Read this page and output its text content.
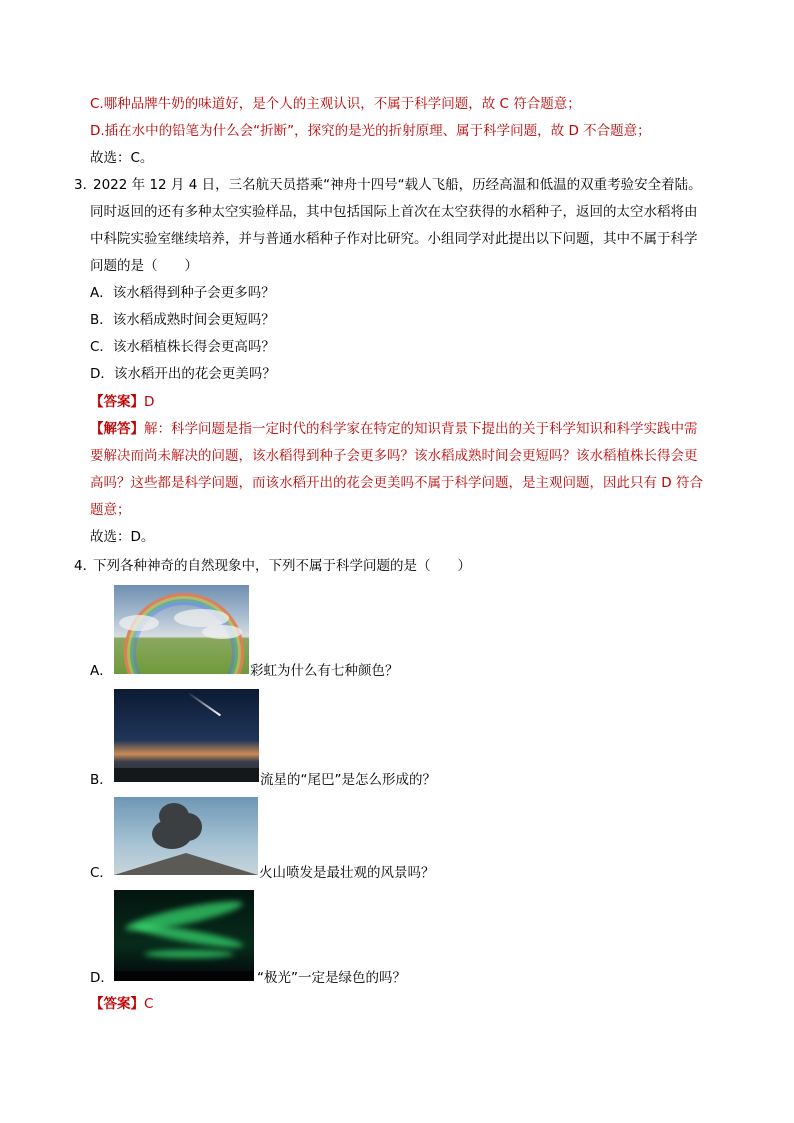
C.哪种品牌牛奶的味道好，是个人的主观认识，不属于科学问题，故 C 符合题意；
D.插在水中的铅笔为什么会“折断”，探究的是光的折射原理、属于科学问题，故 D 不合题意；
故选：C。
3．
2022 年 12 月 4 日，三名航天员搭乘“神舟十四号“载人飞船，历经高温和低温的双重考验安全着陆。
同时返回的还有多种太空实验样品，其中包括国际上首次在太空获得的水稻种子，返回的太空水稻将由
中科院实验室继续培养，并与普通水稻种子作对比研究。小组同学对此提出以下问题，其中不属于科学
问题的是（　　）
A．该水稻得到种子会更多吗？
B．该水稻成熟时间会更短吗？
C．该水稻植株长得会更高吗？
D．该水稻开出的花会更美吗？
【答案】D
【解答】解：科学问题是指一定时代的科学家在特定的知识背景下提出的关于科学知识和科学实践中需
要解决而尚未解决的问题，该水稻得到种子会更多吗？该水稻成熟时间会更短吗？该水稻植株长得会更
高吗？这些都是科学问题，而该水稻开出的花会更美吗不属于科学问题，是主观问题，因此只有 D 符合
题意；
故选：D。
4．
下列各种神奇的自然现象中，下列不属于科学问题的是（　　）
A．	彩虹为什么有七种颜色？
B．	流星的“尾巴”是怎么形成的？
C．	火山喷发是最壮观的风景吗？
D．	“极光”一定是绿色的吗？
【答案】C
